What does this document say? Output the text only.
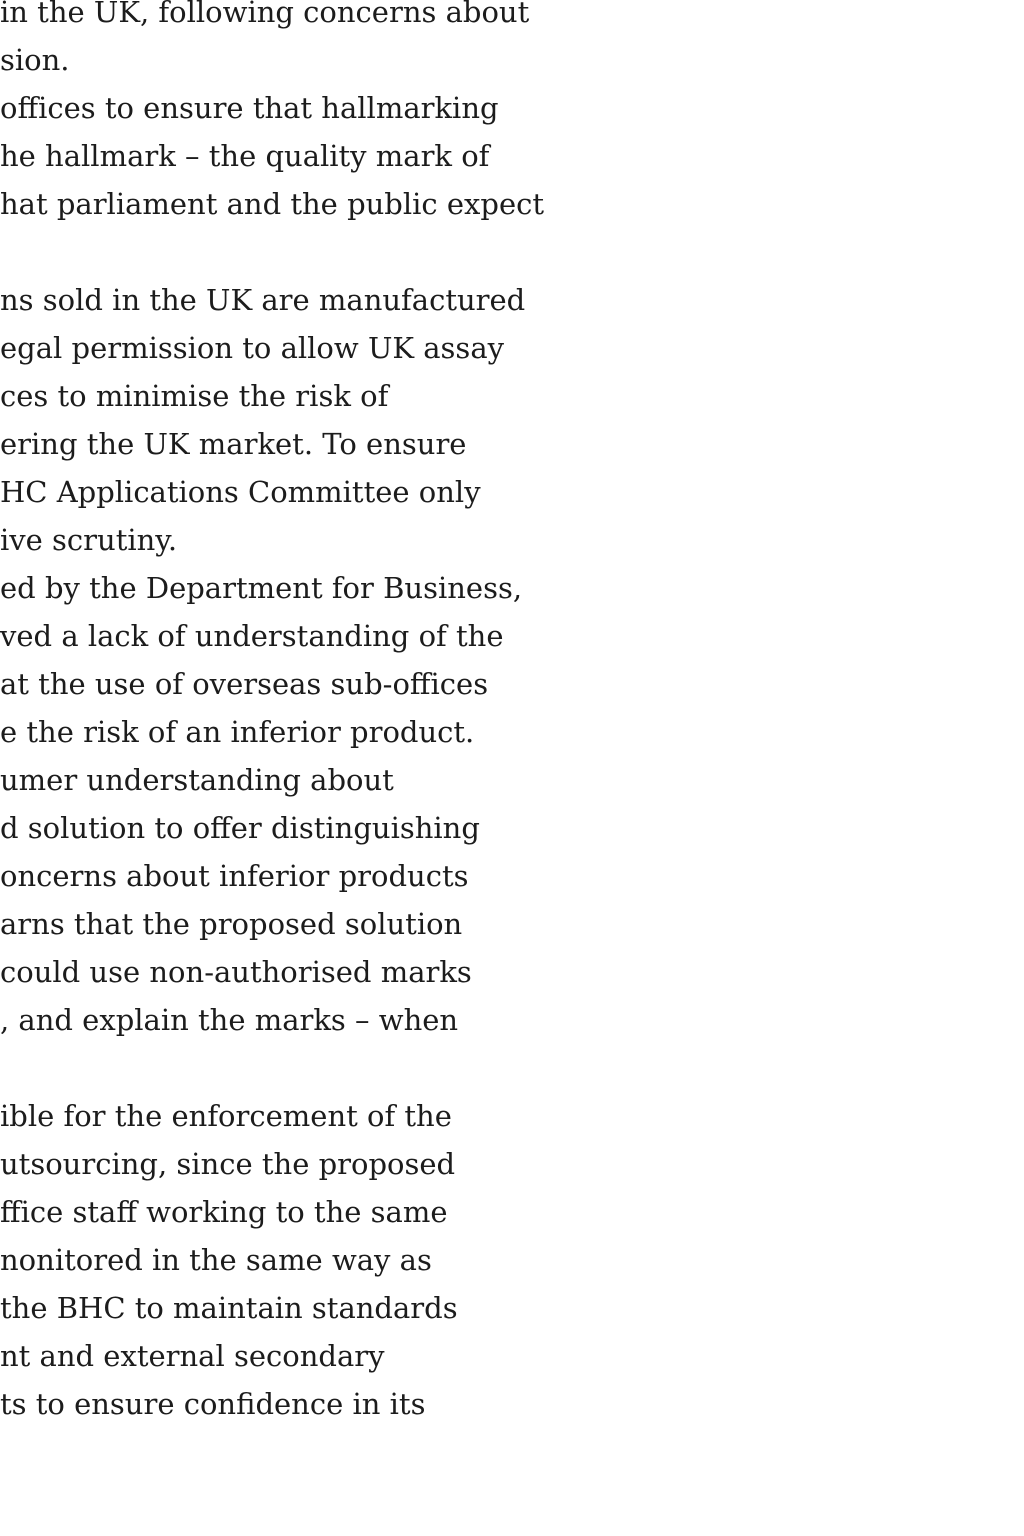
in the UK, following concerns about
sion.
offices to ensure that hallmarking
he hallmark – the quality mark of
hat parliament and the public expect
ns sold in the UK are manufactured
egal permission to allow UK assay
ces to minimise the risk of
ering the UK market. To ensure
HC Applications Committee only
ive scrutiny.
ed by the Department for Business,
ved a lack of understanding of the
at the use of overseas sub-offices
e the risk of an inferior product.
umer understanding about
d solution to offer distinguishing
oncerns about inferior products
arns that the proposed solution
could use non-authorised marks
, and explain the marks – when
ible for the enforcement of the
utsourcing, since the proposed
ffice staff working to the same
nonitored in the same way as
the BHC to maintain standards
nt and external secondary
ts to ensure confidence in its
